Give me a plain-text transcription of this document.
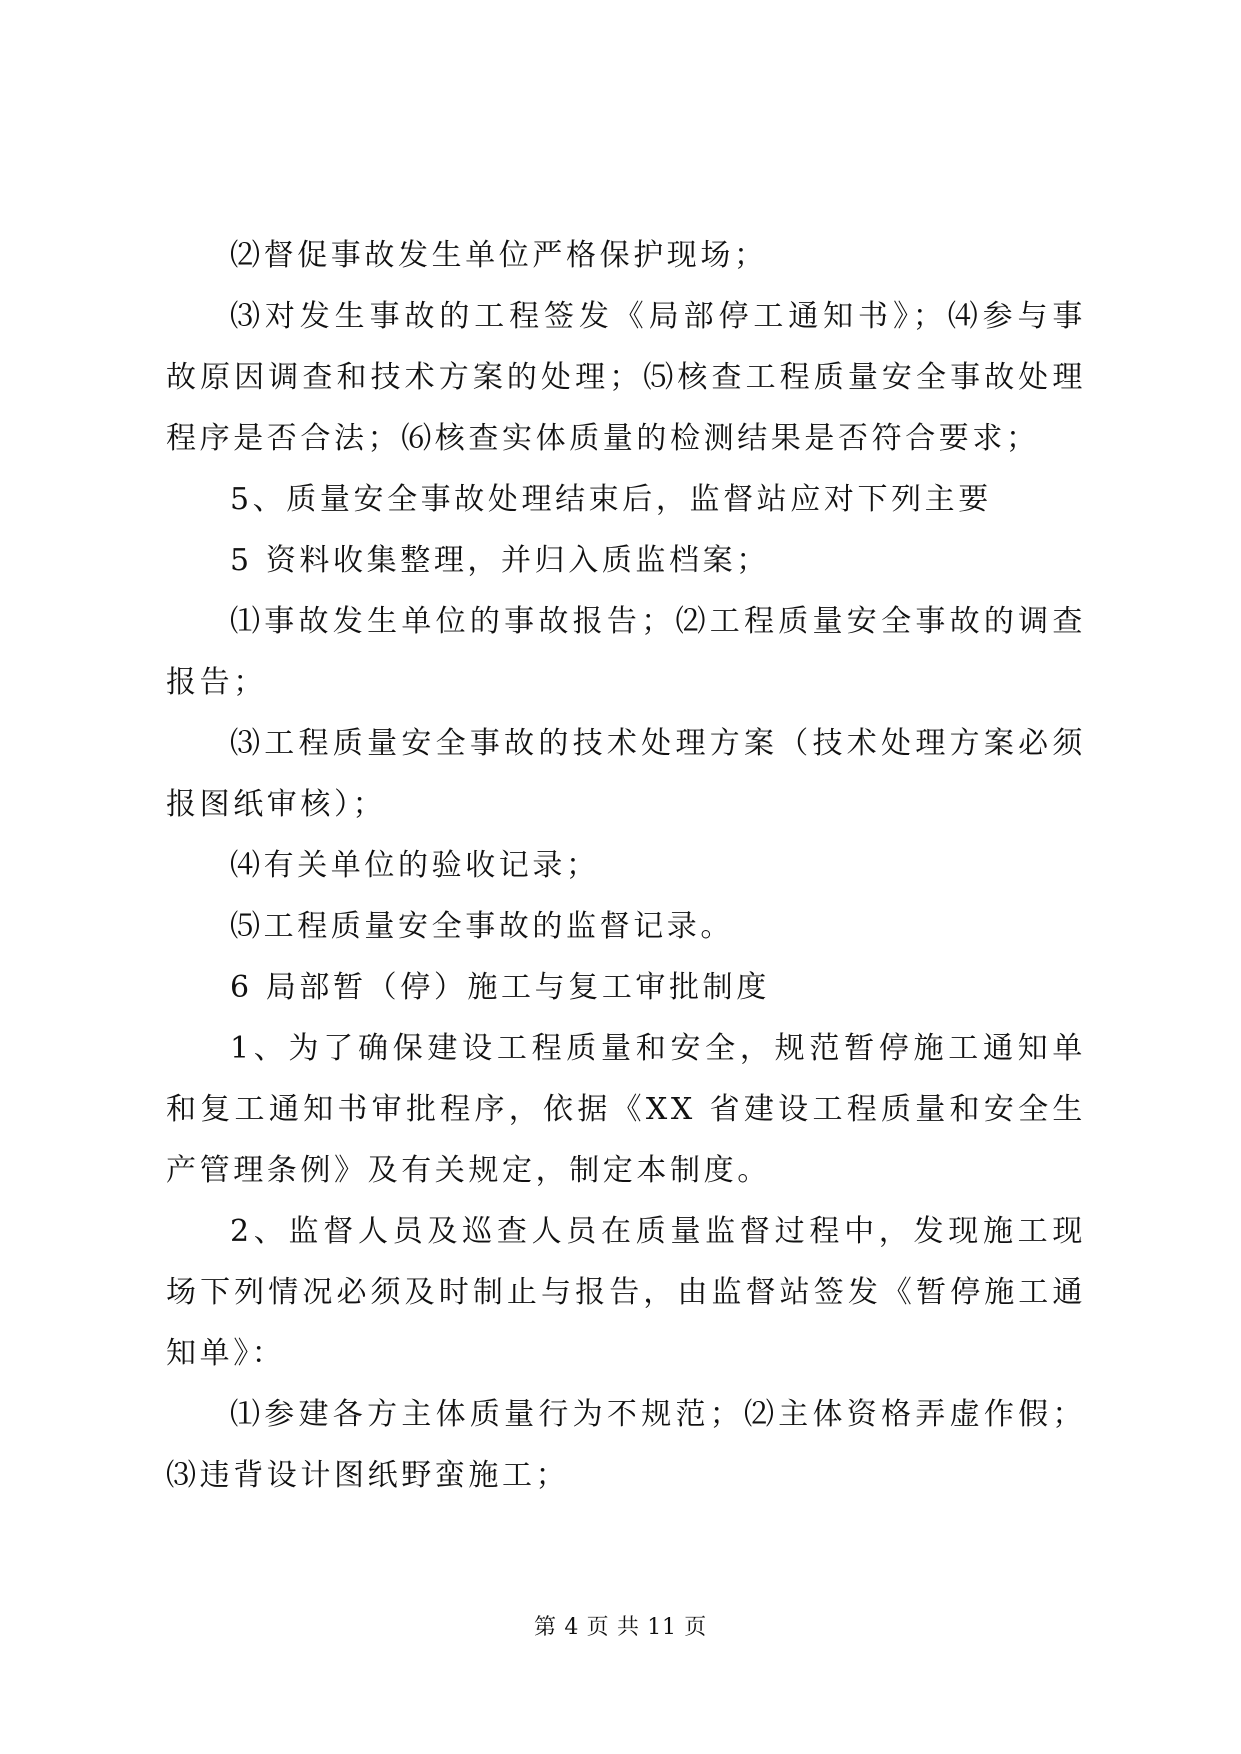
⑵督促事故发生单位严格保护现场；

⑶对发生事故的工程签发《局部停工通知书》；⑷参与事故原因调查和技术方案的处理；⑸核查工程质量安全事故处理程序是否合法；⑹核查实体质量的检测结果是否符合要求；

5、质量安全事故处理结束后，监督站应对下列主要

5 资料收集整理，并归入质监档案；

⑴事故发生单位的事故报告；⑵工程质量安全事故的调查报告；

⑶工程质量安全事故的技术处理方案（技术处理方案必须报图纸审核）；

⑷有关单位的验收记录；

⑸工程质量安全事故的监督记录。

6 局部暂（停）施工与复工审批制度

1、为了确保建设工程质量和安全，规范暂停施工通知单和复工通知书审批程序，依据《XX 省建设工程质量和安全生产管理条例》及有关规定，制定本制度。

2、监督人员及巡查人员在质量监督过程中，发现施工现场下列情况必须及时制止与报告，由监督站签发《暂停施工通知单》：

⑴参建各方主体质量行为不规范；⑵主体资格弄虚作假；⑶违背设计图纸野蛮施工；

第 4 页 共 11 页
